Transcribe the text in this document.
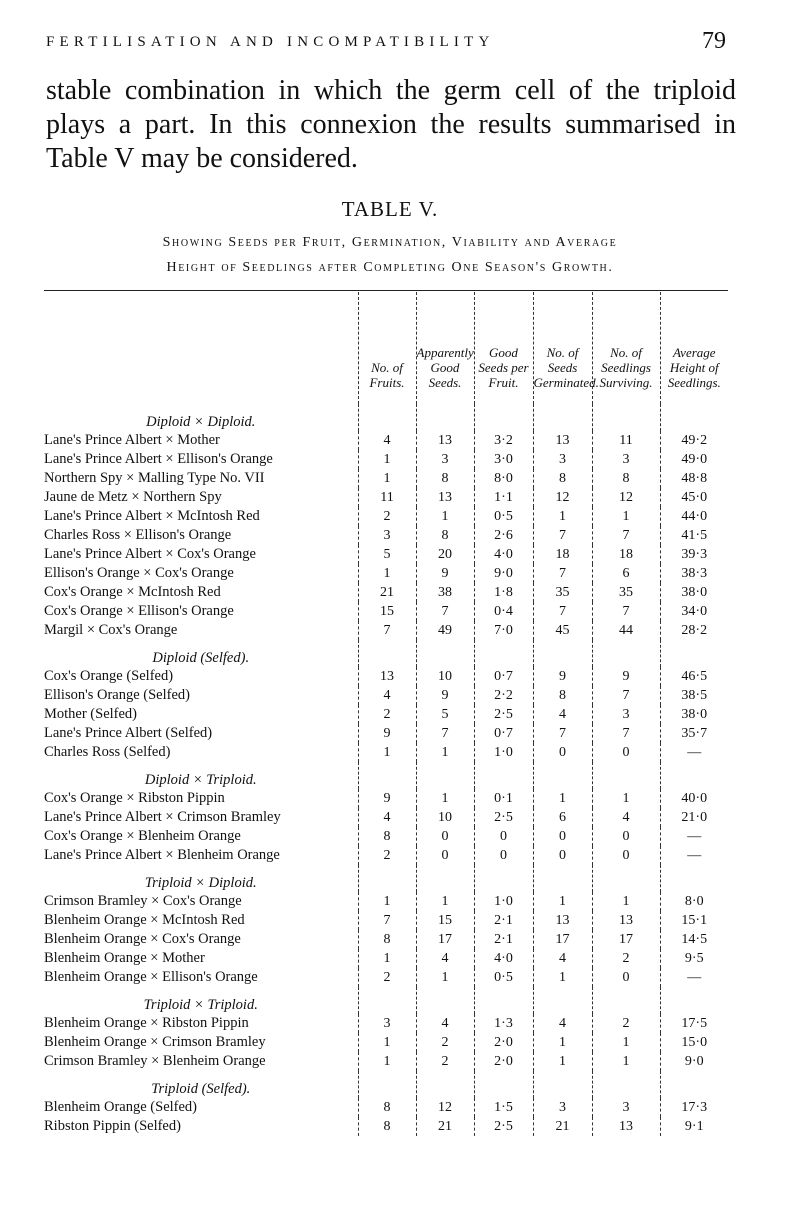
FERTILISATION AND INCOMPATIBILITY	79
stable combination in which the germ cell of the triploid plays a part. In this connexion the results summarised in Table V may be considered.
TABLE V.
Showing Seeds per Fruit, Germination, Viability and Average
Height of Seedlings after Completing One Season's Growth.
	No. of Fruits.	Apparently Good Seeds.	Good Seeds per Fruit.	No. of Seeds Germinated.	No. of Seedlings Surviving.	Average Height of Seedlings.
Diploid × Diploid.						
Lane's Prince Albert × Mother	4	13	3·2	13	11	49·2
Lane's Prince Albert × Ellison's Orange	1	3	3·0	3	3	49·0
Northern Spy × Malling Type No. VII	1	8	8·0	8	8	48·8
Jaune de Metz × Northern Spy	11	13	1·1	12	12	45·0
Lane's Prince Albert × McIntosh Red	2	1	0·5	1	1	44·0
Charles Ross × Ellison's Orange	3	8	2·6	7	7	41·5
Lane's Prince Albert × Cox's Orange	5	20	4·0	18	18	39·3
Ellison's Orange × Cox's Orange	1	9	9·0	7	6	38·3
Cox's Orange × McIntosh Red	21	38	1·8	35	35	38·0
Cox's Orange × Ellison's Orange	15	7	0·4	7	7	34·0
Margil × Cox's Orange	7	49	7·0	45	44	28·2
Diploid (Selfed).						
Cox's Orange (Selfed)	13	10	0·7	9	9	46·5
Ellison's Orange (Selfed)	4	9	2·2	8	7	38·5
Mother (Selfed)	2	5	2·5	4	3	38·0
Lane's Prince Albert (Selfed)	9	7	0·7	7	7	35·7
Charles Ross (Selfed)	1	1	1·0	0	0	—
Diploid × Triploid.						
Cox's Orange × Ribston Pippin	9	1	0·1	1	1	40·0
Lane's Prince Albert × Crimson Bramley	4	10	2·5	6	4	21·0
Cox's Orange × Blenheim Orange	8	0	0	0	0	—
Lane's Prince Albert × Blenheim Orange	2	0	0	0	0	—
Triploid × Diploid.						
Crimson Bramley × Cox's Orange	1	1	1·0	1	1	8·0
Blenheim Orange × McIntosh Red	7	15	2·1	13	13	15·1
Blenheim Orange × Cox's Orange	8	17	2·1	17	17	14·5
Blenheim Orange × Mother	1	4	4·0	4	2	9·5
Blenheim Orange × Ellison's Orange	2	1	0·5	1	0	—
Triploid × Triploid.						
Blenheim Orange × Ribston Pippin	3	4	1·3	4	2	17·5
Blenheim Orange × Crimson Bramley	1	2	2·0	1	1	15·0
Crimson Bramley × Blenheim Orange	1	2	2·0	1	1	9·0
Triploid (Selfed).						
Blenheim Orange (Selfed)	8	12	1·5	3	3	17·3
Ribston Pippin (Selfed)	8	21	2·5	21	13	9·1
